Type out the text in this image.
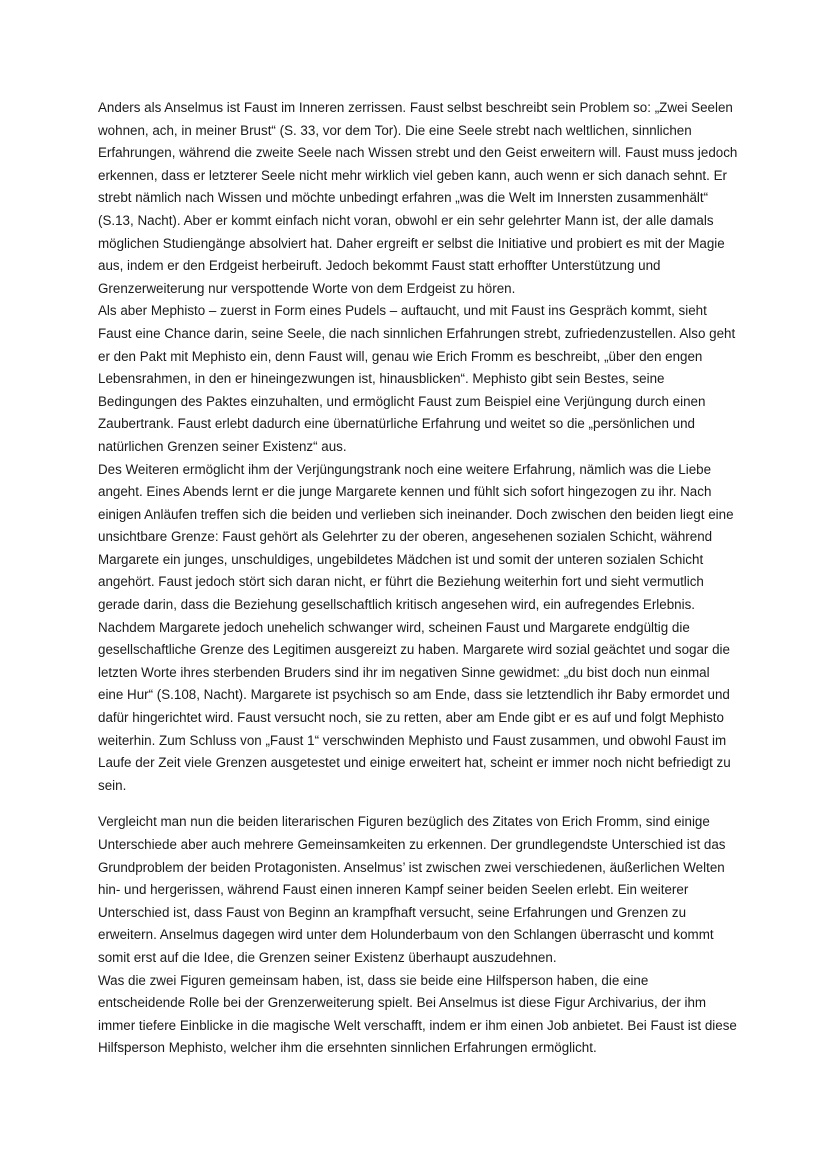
Anders als Anselmus ist Faust im Inneren zerrissen. Faust selbst beschreibt sein Problem so: „Zwei Seelen wohnen, ach, in meiner Brust“ (S. 33, vor dem Tor). Die eine Seele strebt nach weltlichen, sinnlichen Erfahrungen, während die zweite Seele nach Wissen strebt und den Geist erweitern will. Faust muss jedoch erkennen, dass er letzterer Seele nicht mehr wirklich viel geben kann, auch wenn er sich danach sehnt. Er strebt nämlich nach Wissen und möchte unbedingt erfahren „was die Welt im Innersten zusammenhält“ (S.13, Nacht). Aber er kommt einfach nicht voran, obwohl er ein sehr gelehrter Mann ist, der alle damals möglichen Studiengänge absolviert hat. Daher ergreift er selbst die Initiative und probiert es mit der Magie aus, indem er den Erdgeist herbeiruft. Jedoch bekommt Faust statt erhoffter Unterstützung und Grenzerweiterung nur verspottende Worte von dem Erdgeist zu hören.

Als aber Mephisto – zuerst in Form eines Pudels – auftaucht, und mit Faust ins Gespräch kommt, sieht Faust eine Chance darin, seine Seele, die nach sinnlichen Erfahrungen strebt, zufriedenzustellen. Also geht er den Pakt mit Mephisto ein, denn Faust will, genau wie Erich Fromm es beschreibt, „über den engen Lebensrahmen, in den er hineingezwungen ist, hinausblicken“. Mephisto gibt sein Bestes, seine Bedingungen des Paktes einzuhalten, und ermöglicht Faust zum Beispiel eine Verjüngung durch einen Zaubertrank. Faust erlebt dadurch eine übernatürliche Erfahrung und weitet so die „persönlichen und natürlichen Grenzen seiner Existenz“ aus.

Des Weiteren ermöglicht ihm der Verjüngungstrank noch eine weitere Erfahrung, nämlich was die Liebe angeht. Eines Abends lernt er die junge Margarete kennen und fühlt sich sofort hingezogen zu ihr. Nach einigen Anläufen treffen sich die beiden und verlieben sich ineinander. Doch zwischen den beiden liegt eine unsichtbare Grenze: Faust gehört als Gelehrter zu der oberen, angesehenen sozialen Schicht, während Margarete ein junges, unschuldiges, ungebildetes Mädchen ist und somit der unteren sozialen Schicht angehört. Faust jedoch stört sich daran nicht, er führt die Beziehung weiterhin fort und sieht vermutlich gerade darin, dass die Beziehung gesellschaftlich kritisch angesehen wird, ein aufregendes Erlebnis.

Nachdem Margarete jedoch unehelich schwanger wird, scheinen Faust und Margarete endgültig die gesellschaftliche Grenze des Legitimen ausgereizt zu haben. Margarete wird sozial geächtet und sogar die letzten Worte ihres sterbenden Bruders sind ihr im negativen Sinne gewidmet: „du bist doch nun einmal eine Hur“ (S.108, Nacht). Margarete ist psychisch so am Ende, dass sie letztendlich ihr Baby ermordet und dafür hingerichtet wird. Faust versucht noch, sie zu retten, aber am Ende gibt er es auf und folgt Mephisto weiterhin. Zum Schluss von „Faust 1“ verschwinden Mephisto und Faust zusammen, und obwohl Faust im Laufe der Zeit viele Grenzen ausgetestet und einige erweitert hat, scheint er immer noch nicht befriedigt zu sein.

Vergleicht man nun die beiden literarischen Figuren bezüglich des Zitates von Erich Fromm, sind einige Unterschiede aber auch mehrere Gemeinsamkeiten zu erkennen. Der grundlegendste Unterschied ist das Grundproblem der beiden Protagonisten. Anselmus’ ist zwischen zwei verschiedenen, äußerlichen Welten hin- und hergerissen, während Faust einen inneren Kampf seiner beiden Seelen erlebt. Ein weiterer Unterschied ist, dass Faust von Beginn an krampfhaft versucht, seine Erfahrungen und Grenzen zu erweitern. Anselmus dagegen wird unter dem Holunderbaum von den Schlangen überrascht und kommt somit erst auf die Idee, die Grenzen seiner Existenz überhaupt auszudehnen.

Was die zwei Figuren gemeinsam haben, ist, dass sie beide eine Hilfsperson haben, die eine entscheidende Rolle bei der Grenzerweiterung spielt. Bei Anselmus ist diese Figur Archivarius, der ihm immer tiefere Einblicke in die magische Welt verschafft, indem er ihm einen Job anbietet. Bei Faust ist diese Hilfsperson Mephisto, welcher ihm die ersehnten sinnlichen Erfahrungen ermöglicht.
